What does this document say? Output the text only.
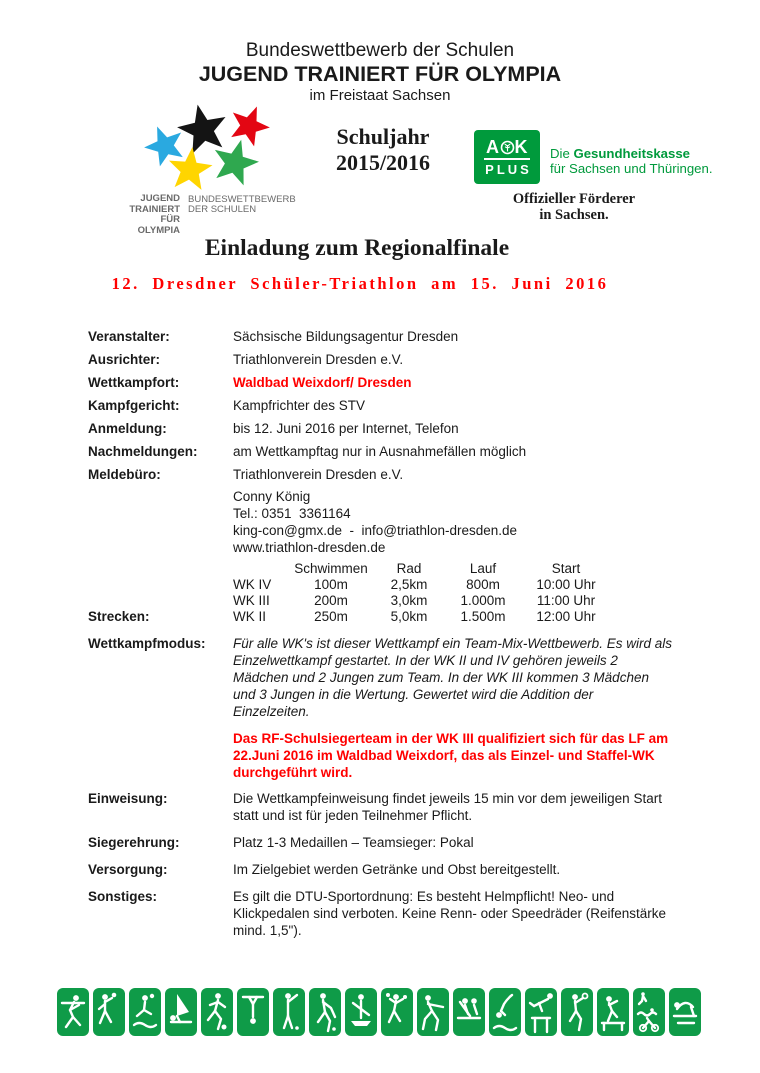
Bundeswettbewerb der Schulen
JUGEND TRAINIERT FÜR OLYMPIA
im Freistaat Sachsen
JUGEND
TRAINIERT
FÜR
OLYMPIA
BUNDESWETTBEWERB
DER SCHULEN
Schuljahr
2015/2016
A K
PLUS
Die Gesundheitskasse
für Sachsen und Thüringen.
Offizieller Förderer
in Sachsen.
Einladung zum Regionalfinale
12. Dresdner Schüler-Triathlon am 15. Juni 2016
Veranstalter:	Sächsische Bildungsagentur Dresden
Ausrichter:	Triathlonverein Dresden e.V.
Wettkampfort:	Waldbad Weixdorf/ Dresden
Kampfgericht:	Kampfrichter des STV
Anmeldung:	bis 12. Juni 2016 per Internet, Telefon
Nachmeldungen:	am Wettkampftag nur in Ausnahmefällen möglich
Meldebüro:	Triathlonverein Dresden e.V.
Conny König
Tel.: 0351  3361164
king-con@gmx.de  -  info@triathlon-dresden.de
www.triathlon-dresden.de
Strecken:
	Schwimmen	Rad	Lauf	Start
WK IV	100m	2,5km	800m	10:00 Uhr
WK III	200m	3,0km	1.000m	11:00 Uhr
WK II	250m	5,0km	1.500m	12:00 Uhr
Wettkampfmodus:	Für alle WK's ist dieser Wettkampf ein Team-Mix-Wettbewerb. Es wird als Einzelwettkampf gestartet. In der WK II und IV gehören jeweils 2 Mädchen und 2 Jungen zum Team. In der WK III kommen 3 Mädchen und 3 Jungen in die Wertung. Gewertet wird die Addition der Einzelzeiten.
Das RF-Schulsiegerteam in der WK III qualifiziert sich für das LF am 22.Juni 2016 im Waldbad Weixdorf, das als Einzel- und Staffel-WK durchgeführt wird.
Einweisung:	Die Wettkampfeinweisung findet jeweils 15 min vor dem jeweiligen Start statt und ist für jeden Teilnehmer Pflicht.
Siegerehrung:	Platz 1-3 Medaillen – Teamsieger: Pokal
Versorgung:	Im Zielgebiet werden Getränke und Obst bereitgestellt.
Sonstiges:	Es gilt die DTU-Sportordnung: Es besteht Helmpflicht! Neo- und Klickpedalen sind verboten. Keine Renn- oder Speedräder (Reifenstärke mind. 1,5").
